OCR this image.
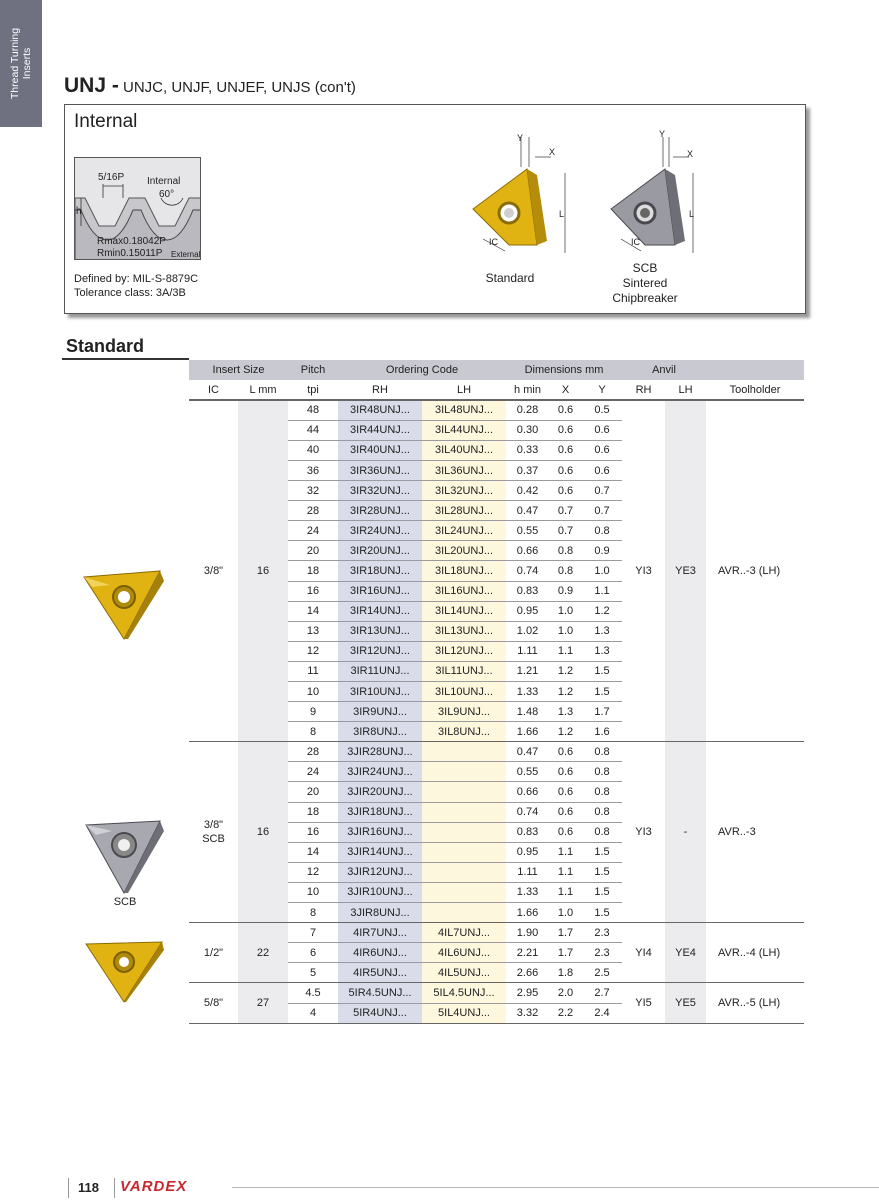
Thread Turning Inserts
UNJ - UNJC, UNJF, UNJEF, UNJS (con't)
Internal
5/16P Internal
60°
h
Rmax0.18042P
Rmin0.15011P External
Defined by: MIL-S-8879C
Tolerance class: 3A/3B
Y
X
L
IC
Standard
Y
X
L
IC
SCB
Sintered
Chipbreaker
Standard
SCB
Insert Size		Pitch	Ordering Code		Dimensions mm			Anvil		
IC	L mm	tpi	RH	LH	h min	X	Y	RH	LH	Toolholder
3/8"	16	48	3IR48UNJ...	3IL48UNJ...	0.28	0.6	0.5	YI3	YE3	AVR..-3 (LH)
		44	3IR44UNJ...	3IL44UNJ...	0.30	0.6	0.6			
		40	3IR40UNJ...	3IL40UNJ...	0.33	0.6	0.6			
		36	3IR36UNJ...	3IL36UNJ...	0.37	0.6	0.6			
		32	3IR32UNJ...	3IL32UNJ...	0.42	0.6	0.7			
		28	3IR28UNJ...	3IL28UNJ...	0.47	0.7	0.7			
		24	3IR24UNJ...	3IL24UNJ...	0.55	0.7	0.8			
		20	3IR20UNJ...	3IL20UNJ...	0.66	0.8	0.9			
		18	3IR18UNJ...	3IL18UNJ...	0.74	0.8	1.0			
		16	3IR16UNJ...	3IL16UNJ...	0.83	0.9	1.1			
		14	3IR14UNJ...	3IL14UNJ...	0.95	1.0	1.2			
		13	3IR13UNJ...	3IL13UNJ...	1.02	1.0	1.3			
		12	3IR12UNJ...	3IL12UNJ...	1.11	1.1	1.3			
		11	3IR11UNJ...	3IL11UNJ...	1.21	1.2	1.5			
		10	3IR10UNJ...	3IL10UNJ...	1.33	1.2	1.5			
		9	3IR9UNJ...	3IL9UNJ...	1.48	1.3	1.7			
		8	3IR8UNJ...	3IL8UNJ...	1.66	1.2	1.6			
3/8"
SCB	16	28	3JIR28UNJ...		0.47	0.6	0.8	YI3	-	AVR..-3
		24	3JIR24UNJ...		0.55	0.6	0.8			
		20	3JIR20UNJ...		0.66	0.6	0.8			
		18	3JIR18UNJ...		0.74	0.6	0.8			
		16	3JIR16UNJ...		0.83	0.6	0.8			
		14	3JIR14UNJ...		0.95	1.1	1.5			
		12	3JIR12UNJ...		1.11	1.1	1.5			
		10	3JIR10UNJ...		1.33	1.1	1.5			
		8	3JIR8UNJ...		1.66	1.0	1.5			
1/2"	22	7	4IR7UNJ...	4IL7UNJ...	1.90	1.7	2.3	YI4	YE4	AVR..-4 (LH)
		6	4IR6UNJ...	4IL6UNJ...	2.21	1.7	2.3			
		5	4IR5UNJ...	4IL5UNJ...	2.66	1.8	2.5			
5/8"	27	4.5	5IR4.5UNJ...	5IL4.5UNJ...	2.95	2.0	2.7	YI5	YE5	AVR..-5 (LH)
		4	5IR4UNJ...	5IL4UNJ...	3.32	2.2	2.4			
118 VARDEX
